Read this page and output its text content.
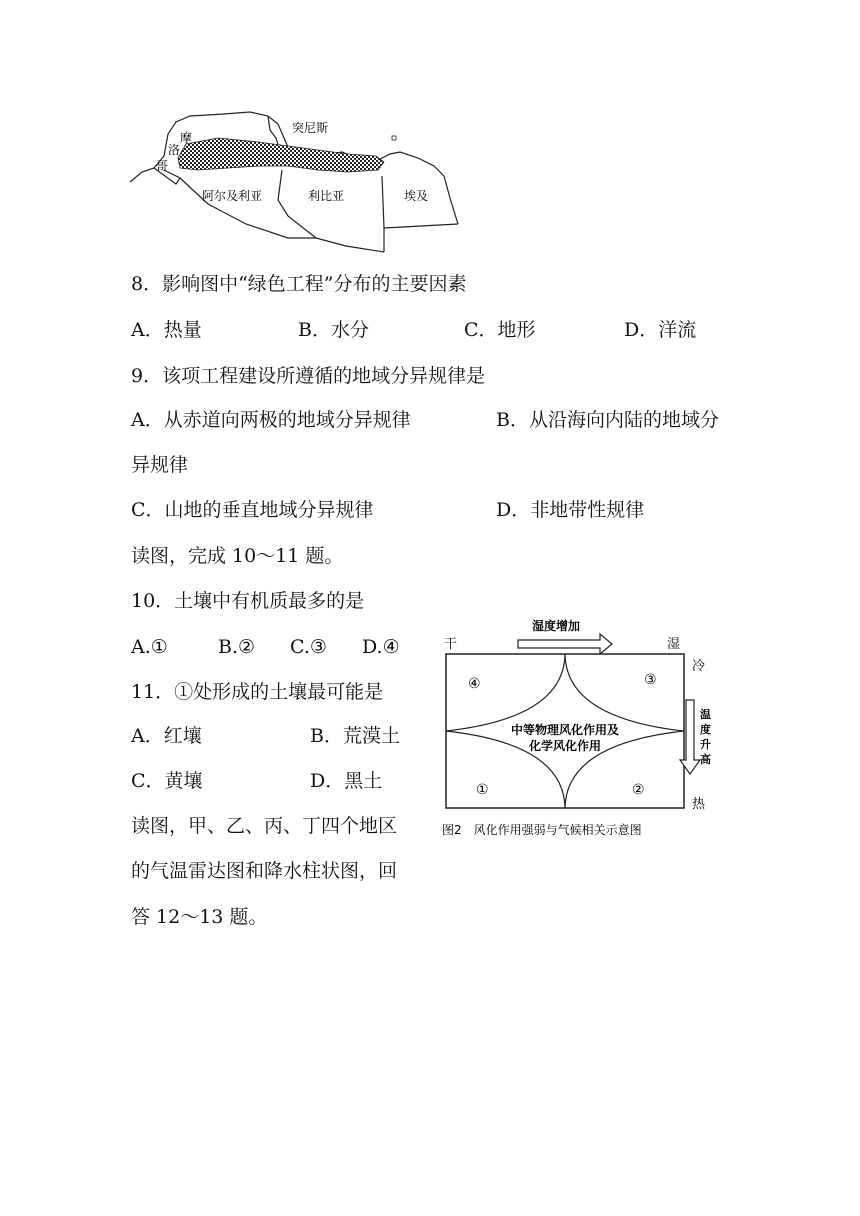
摩
洛
哥
突尼斯
阿尔及利亚	利比亚	埃及
8．影响图中“绿色工程”分布的主要因素
A．热量	B．水分	C．地形	D．洋流
9．该项工程建设所遵循的地域分异规律是
A．从赤道向两极的地域分异规律	B．从沿海向内陆的地域分
异规律
C．山地的垂直地域分异规律	D．非地带性规律
读图，完成 10～11 题。
10．土壤中有机质最多的是
A.①	B.② C.③ D.④
11．①处形成的土壤最可能是
A．红壤	B．荒漠土
C．黄壤	D．黑土
读图，甲、乙、丙、丁四个地区
的气温雷达图和降水柱状图，回
答 12～13 题。
干
湿度增加
湿
冷
④	③
①	②
中等物理风化作用及
化学风化作用
温
度
升
高
热
图2　风化作用强弱与气候相关示意图
